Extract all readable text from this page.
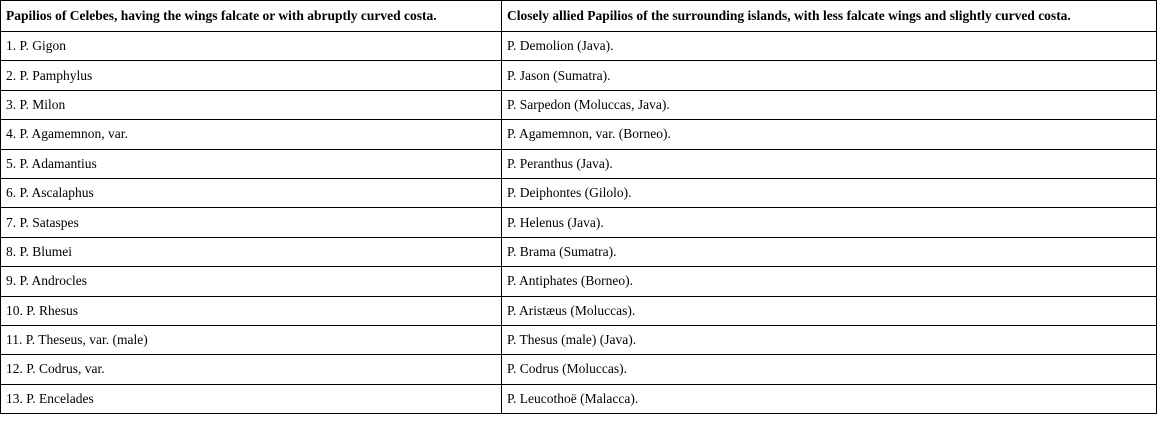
Papilios of Celebes, having the wings falcate or with abruptly curved costa.	Closely allied Papilios of the surrounding islands, with less falcate wings and slightly curved costa.
1. P. Gigon	P. Demolion (Java).
2. P. Pamphylus	P. Jason (Sumatra).
3. P. Milon	P. Sarpedon (Moluccas, Java).
4. P. Agamemnon, var.	P. Agamemnon, var. (Borneo).
5. P. Adamantius	P. Peranthus (Java).
6. P. Ascalaphus	P. Deiphontes (Gilolo).
7. P. Sataspes	P. Helenus (Java).
8. P. Blumei	P. Brama (Sumatra).
9. P. Androcles	P. Antiphates (Borneo).
10. P. Rhesus	P. Aristæus (Moluccas).
11. P. Theseus, var. (male)	P. Thesus (male) (Java).
12. P. Codrus, var.	P. Codrus (Moluccas).
13. P. Encelades	P. Leucothoë (Malacca).
